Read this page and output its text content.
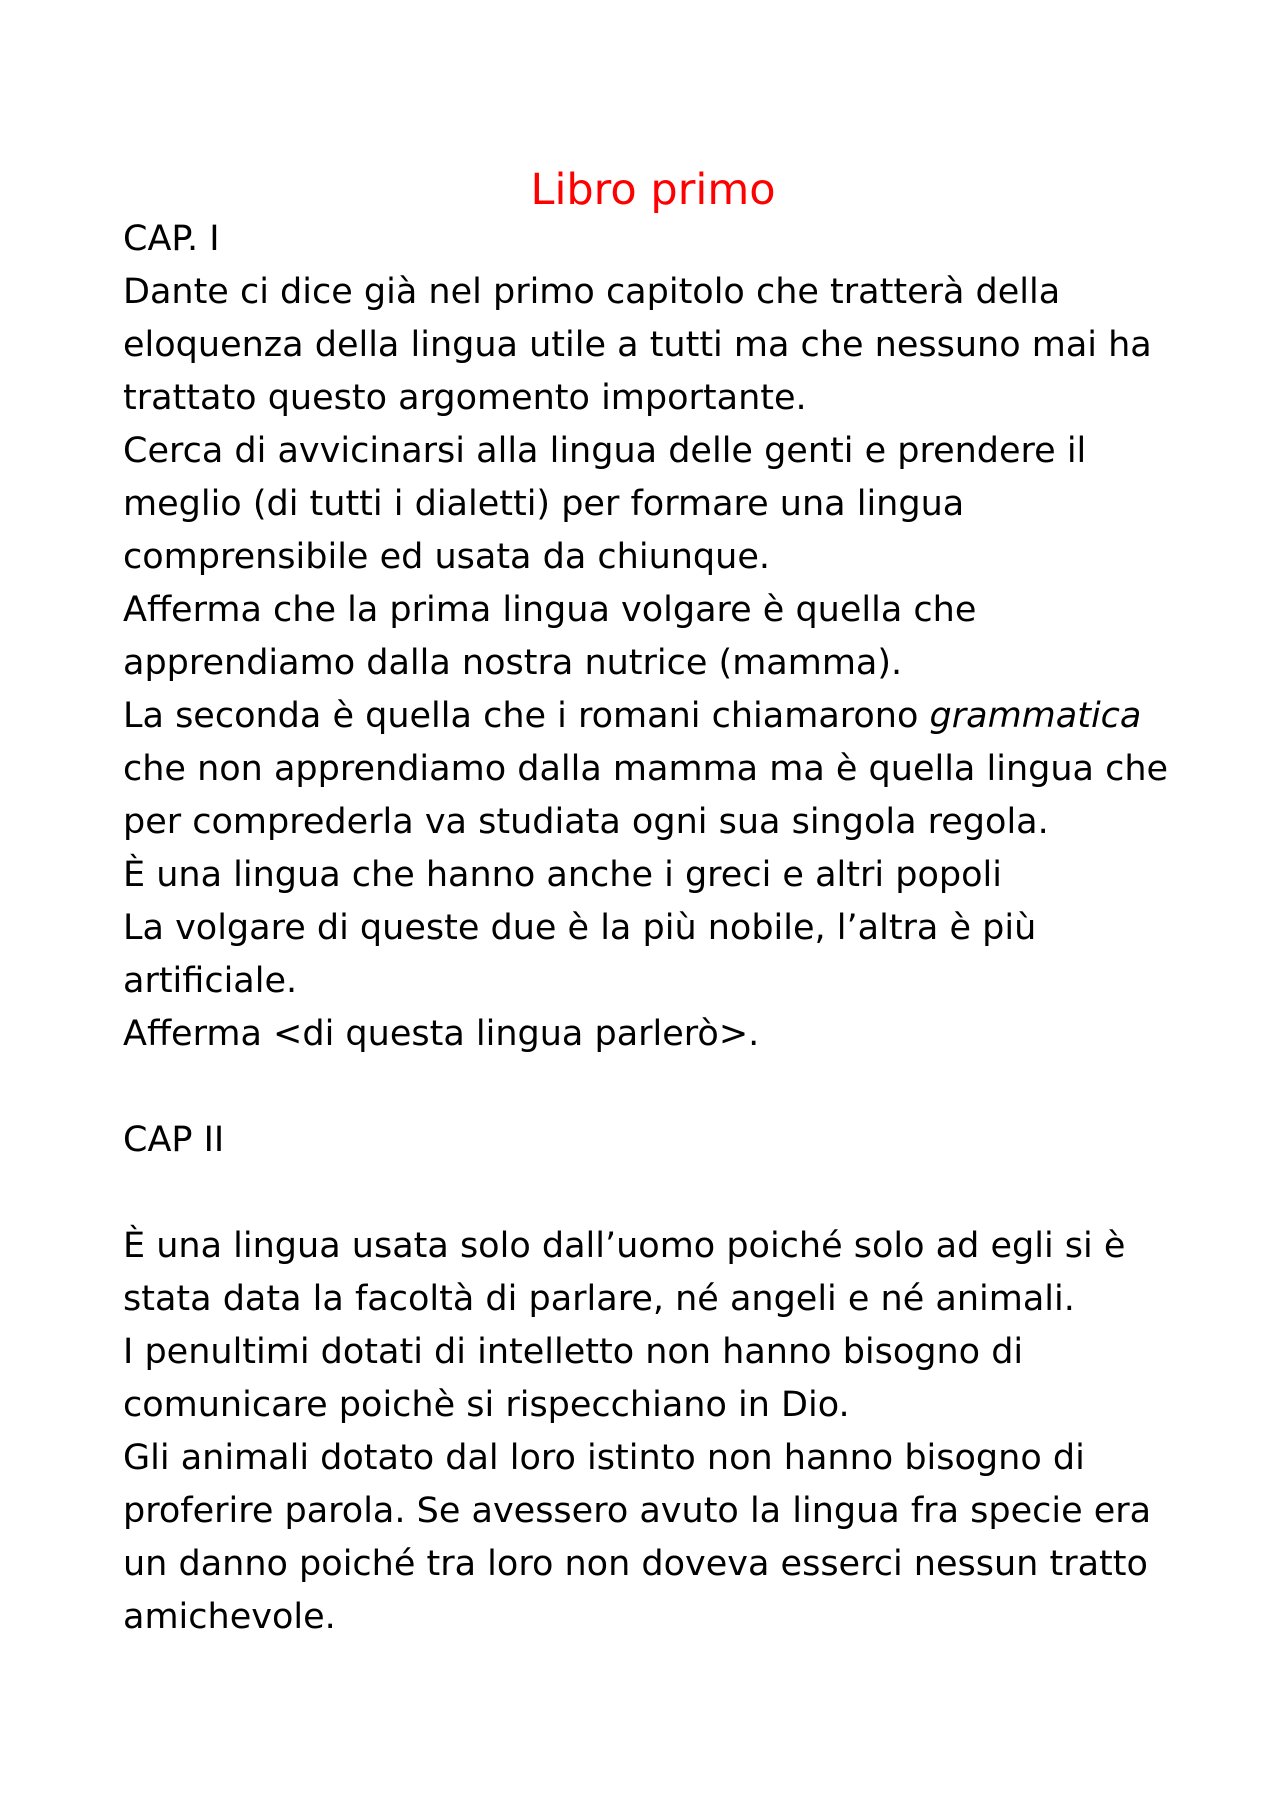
Libro primo
CAP. I
Dante ci dice già nel primo capitolo che tratterà della
eloquenza della lingua utile a tutti ma che nessuno mai ha
trattato questo argomento importante.
Cerca di avvicinarsi alla lingua delle genti e prendere il
meglio (di tutti i dialetti) per formare una lingua
comprensibile ed usata da chiunque.
Afferma che la prima lingua volgare è quella che
apprendiamo dalla nostra nutrice (mamma).
La seconda è quella che i romani chiamarono grammatica
che non apprendiamo dalla mamma ma è quella lingua che
per comprederla va studiata ogni sua singola regola.
È una lingua che hanno anche i greci e altri popoli
La volgare di queste due è la più nobile, l’altra è più
artificiale.
Afferma <di questa lingua parlerò>.
CAP II
È una lingua usata solo dall’uomo poiché solo ad egli si è
stata data la facoltà di parlare, né angeli e né animali.
I penultimi dotati di intelletto non hanno bisogno di
comunicare poichè si rispecchiano in Dio.
Gli animali dotato dal loro istinto non hanno bisogno di
proferire parola. Se avessero avuto la lingua fra specie era
un danno poiché tra loro non doveva esserci nessun tratto
amichevole.
